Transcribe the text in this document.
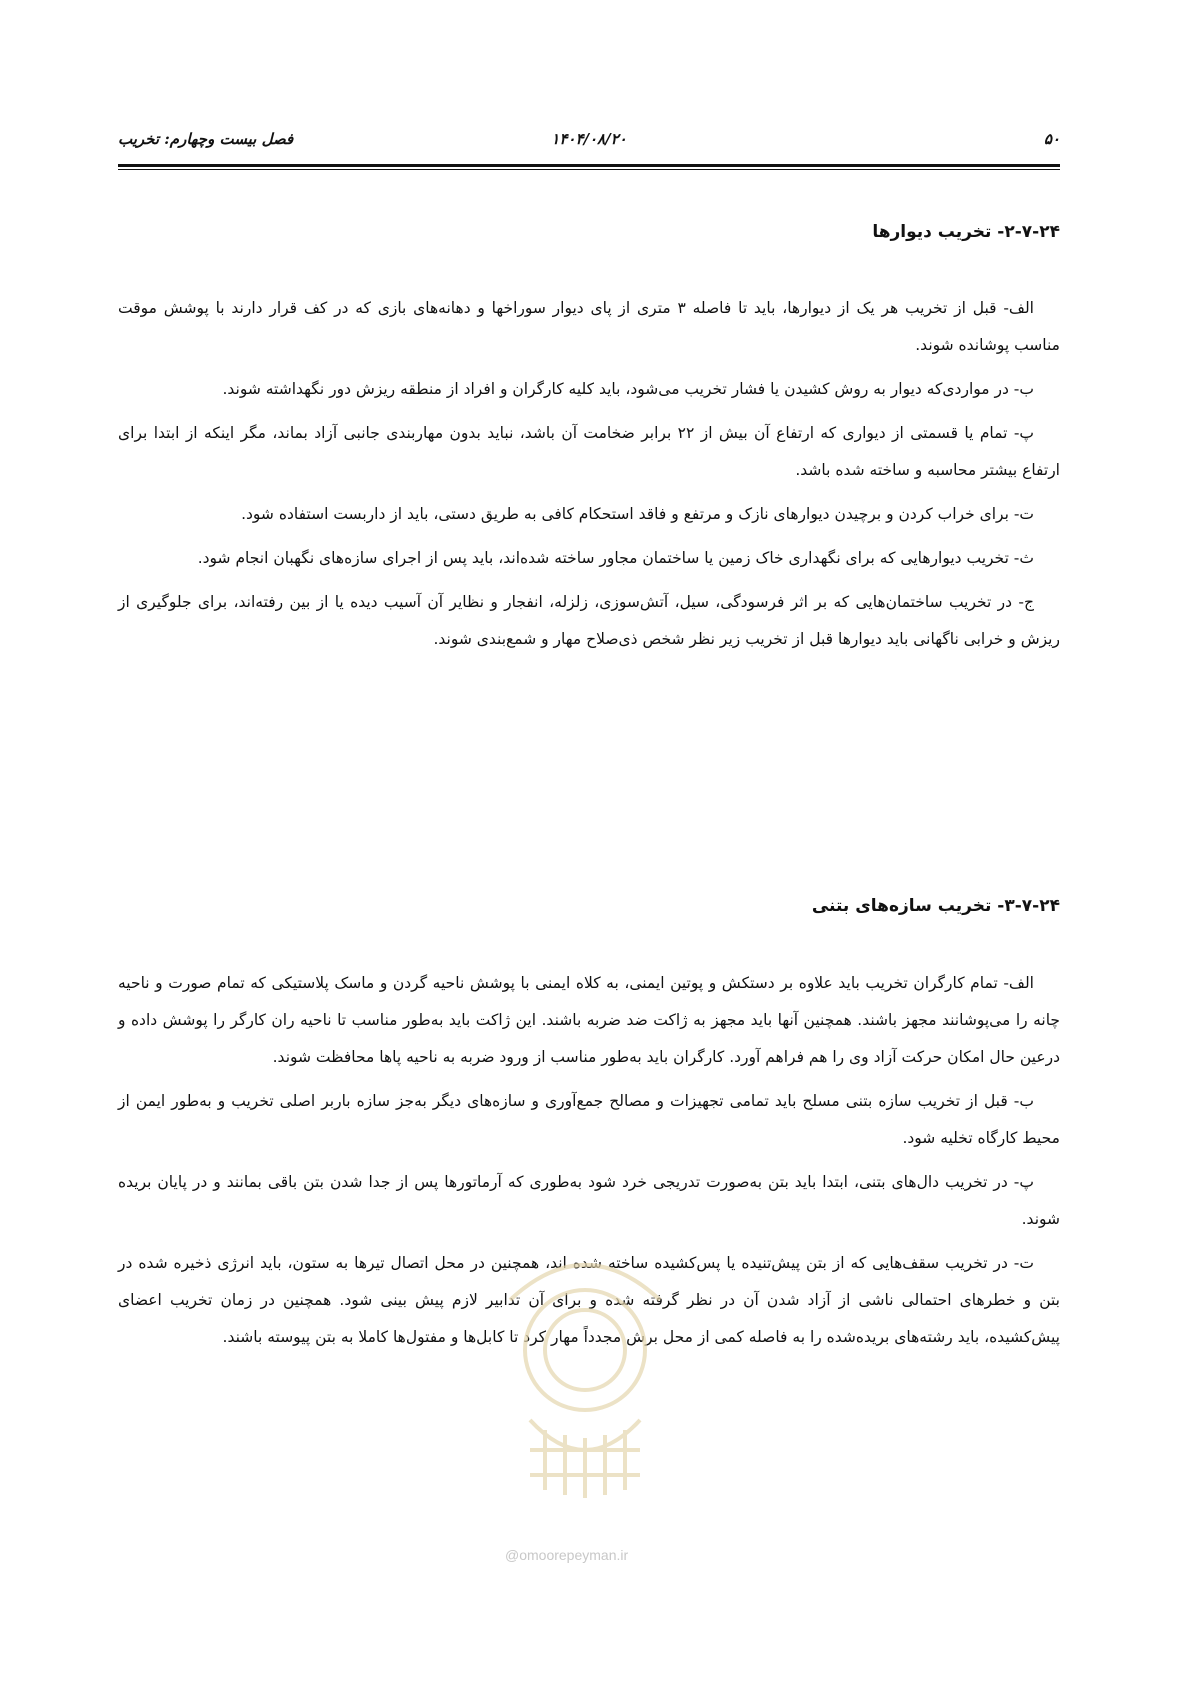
۵۰
۱۴۰۴/۰۸/۲۰
فصل بیست وچهارم: تخریب
۲-۷-۲۴- تخریب دیوارها

الف- قبل از تخریب هر یک از دیوارها، باید تا فاصله ۳ متری از پای دیوار سوراخها و دهانه‌های بازی که در کف قرار دارند با پوشش موقت مناسب پوشانده شوند.

ب- در مواردی‌که دیوار به روش کشیدن یا فشار تخریب می‌شود، باید کلیه کارگران و افراد از منطقه ریزش دور نگهداشته شوند.

پ- تمام یا قسمتی از دیواری که ارتفاع آن بیش از ۲۲ برابر ضخامت آن باشد، نباید بدون مهاربندی جانبی آزاد بماند، مگر اینکه از ابتدا برای ارتفاع بیشتر محاسبه و ساخته شده باشد.

ت- برای خراب کردن و برچیدن دیوارهای نازک و مرتفع و فاقد استحکام کافی به طریق دستی، باید از داربست استفاده شود.

ث- تخریب دیوارهایی که برای نگهداری خاک زمین یا ساختمان مجاور ساخته شده‌اند، باید پس از اجرای سازه‌های نگهبان انجام شود.

ج- در تخریب ساختمان‌هایی که بر اثر فرسودگی، سیل، آتش‌سوزی، زلزله، انفجار و نظایر آن آسیب دیده یا از بین رفته‌اند، برای جلوگیری از ریزش و خرابی ناگهانی باید دیوارها قبل از تخریب زیر نظر شخص ذی‌صلاح مهار و شمع‌بندی شوند.

۳-۷-۲۴- تخریب سازه‌های بتنی

الف- تمام کارگران تخریب باید علاوه بر دستکش و پوتین ایمنی، به کلاه ایمنی با پوشش ناحیه گردن و ماسک پلاستیکی که تمام صورت و ناحیه چانه را می‌پوشانند مجهز باشند. همچنین آنها باید مجهز به ژاکت ضد ضربه باشند. این ژاکت باید به‌طور مناسب تا ناحیه ران کارگر را پوشش داده و درعین حال امکان حرکت آزاد وی را هم فراهم آورد. کارگران باید به‌طور مناسب از ورود ضربه به ناحیه پاها محافظت شوند.

ب- قبل از تخریب سازه بتنی مسلح باید تمامی تجهیزات و مصالح جمع‌آوری و سازه‌های دیگر به‌جز سازه باربر اصلی تخریب و به‌طور ایمن از محیط کارگاه تخلیه شود.

پ- در تخریب دال‌های بتنی، ابتدا باید بتن به‌صورت تدریجی خرد شود به‌طوری که آرماتورها پس از جدا شدن بتن باقی بمانند و در پایان بریده شوند.

ت- در تخریب سقف‌هایی که از بتن پیش‌تنیده یا پس‌کشیده ساخته شده اند، همچنین در محل اتصال تیرها به ستون، باید انرژی ذخیره شده در بتن و خطرهای احتمالی ناشی از آزاد شدن آن در نظر گرفته شده و برای آن تدابیر لازم پیش بینی شود. همچنین در زمان تخریب اعضای پیش‌کشیده، باید رشته‌های بریده‌شده را به فاصله کمی از محل برش مجدداً مهار کرد تا کابل‌ها و مفتول‌ها کاملا به بتن پیوسته باشند.

@omoorepeyman.ir
